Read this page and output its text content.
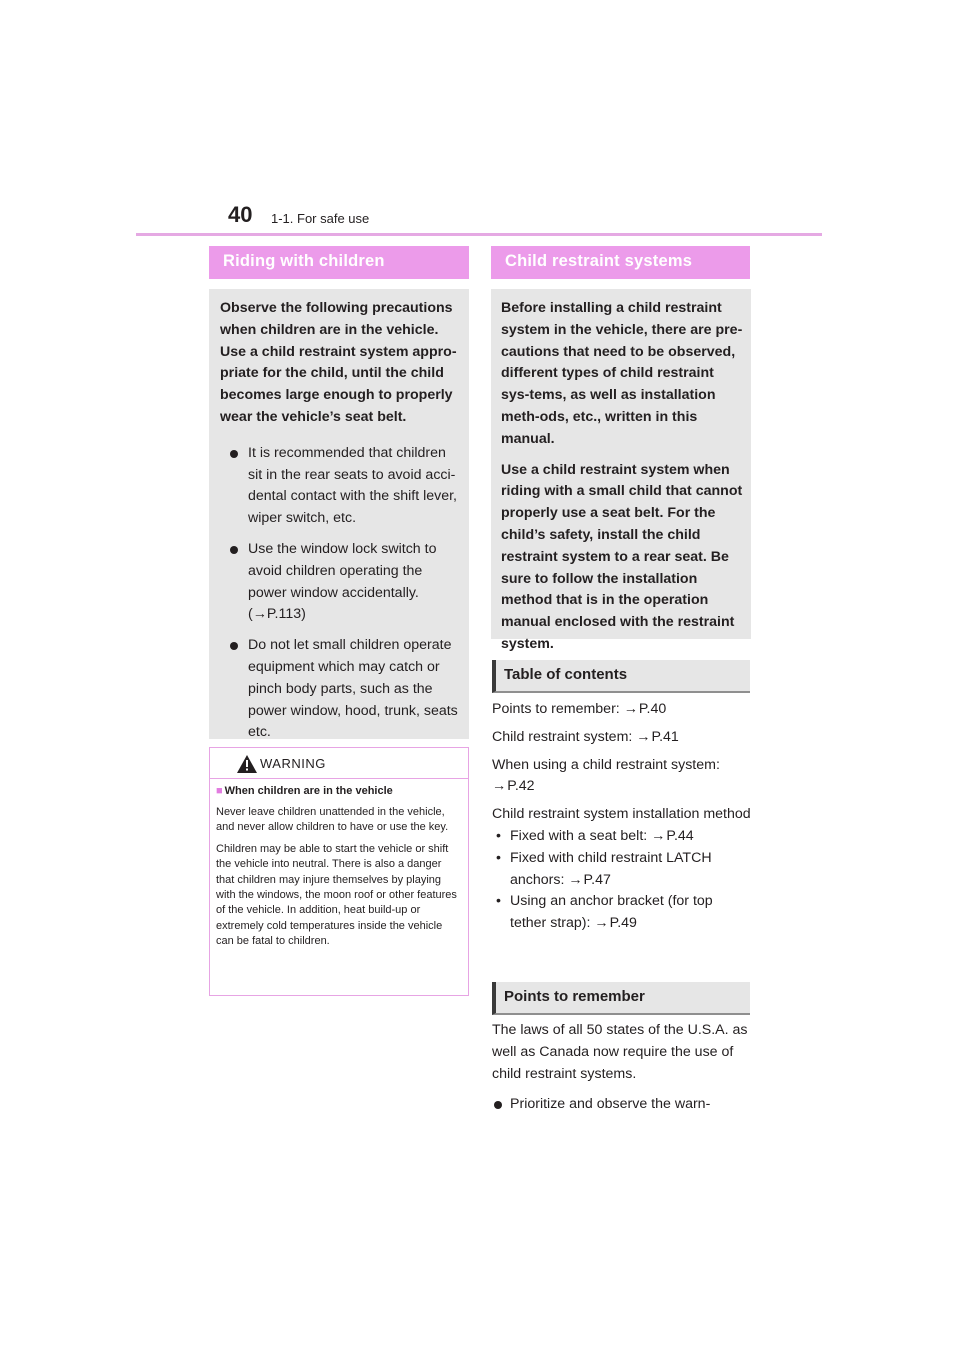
40 1-1. For safe use
Riding with children

Observe the following precautions when children are in the vehicle.

Use a child restraint system appro-priate for the child, until the child becomes large enough to properly wear the vehicle’s seat belt.

It is recommended that children sit in the rear seats to avoid acci-dental contact with the shift lever, wiper switch, etc.
Use the window lock switch to avoid children operating the power window accidentally. (→P.113)
Do not let small children operate equipment which may catch or pinch body parts, such as the power window, hood, trunk, seats etc.
WARNING

■ When children are in the vehicle

Never leave children unattended in the vehicle, and never allow children to have or use the key.

Children may be able to start the vehicle or shift the vehicle into neutral. There is also a danger that children may injure themselves by playing with the windows, the moon roof or other features of the vehicle. In addition, heat build-up or extremely cold temperatures inside the vehicle can be fatal to children.

Child restraint systems

Before installing a child restraint system in the vehicle, there are pre-cautions that need to be observed, different types of child restraint sys-tems, as well as installation meth-ods, etc., written in this manual.

Use a child restraint system when riding with a small child that cannot properly use a seat belt. For the child’s safety, install the child restraint system to a rear seat. Be sure to follow the installation method that is in the operation manual enclosed with the restraint system.

Table of contents

Points to remember: → P.40

Child restraint system: → P.41

When using a child restraint system: → P.42

Child restraint system installation method

• Fixed with a seat belt: → P.44

• Fixed with child restraint LATCH anchors: → P.47

• Using an anchor bracket (for top tether strap): → P.49

Points to remember

The laws of all 50 states of the U.S.A. as well as Canada now require the use of child restraint systems.

Prioritize and observe the warn-
